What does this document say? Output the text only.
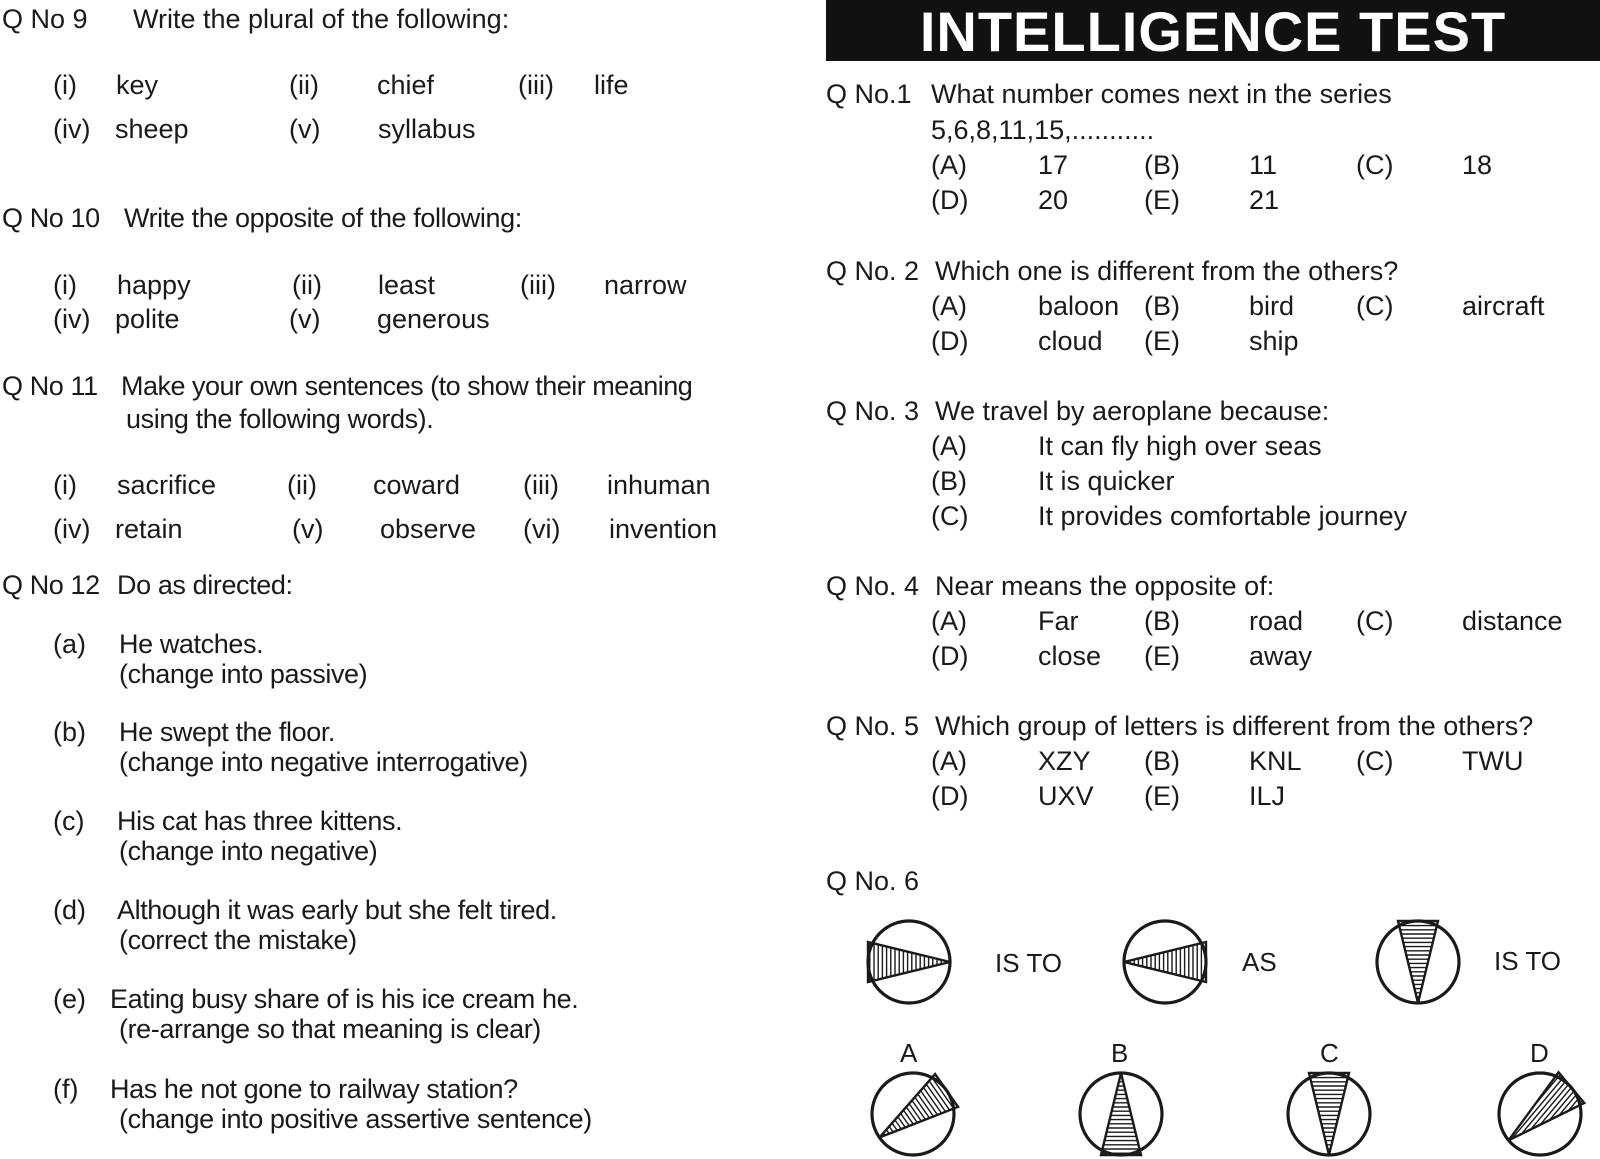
Q No 9 Write the plural of the following:
(i) key	(ii) chief	(iii) life
(iv) sheep	(v) syllabus
Q No 10 Write the opposite of the following:
(i) happy	(ii) least	(iii) narrow
(iv) polite	(v) generous
Q No 11 Make your own sentences (to show their meaning
using the following words).
(i) sacrifice	(ii) coward (iii) inhuman
(iv) retain	(v) observe (vi) invention
Q No 12 Do as directed:
(a) He watches.
(change into passive)
(b) He swept the floor.
(change into negative interrogative)
(c) His cat has three kittens.
(change into negative)
(d) Although it was early but she felt tired.
(correct the mistake)
(e) Eating busy share of is his ice cream he.
(re-arrange so that meaning is clear)
(f) Has he not gone to railway station?
(change into positive assertive sentence)
INTELLIGENCE TEST
Q No.1 What number comes next in the series
5,6,8,11,15,...........
(A)	17	(B)	11	(C)	18
(D)	20	(E)	21
Q No. 2 Which one is different from the others?
(A)	baloon (B)	bird (C)	aircraft
(D)	cloud (E)	ship
Q No. 3 We travel by aeroplane because:
(A)	It can fly high over seas
(B)	It is quicker
(C)	It provides comfortable journey
Q No. 4 Near means the opposite of:
(A)	Far (B)	road (C)	distance
(D)	close (E)	away
Q No. 5 Which group of letters is different from the others?
(A)	XZY (B)	KNL (C)	TWU
(D)	UXV (E)	ILJ
Q No. 6
IS TO	AS	IS TO
A	B	C	D
